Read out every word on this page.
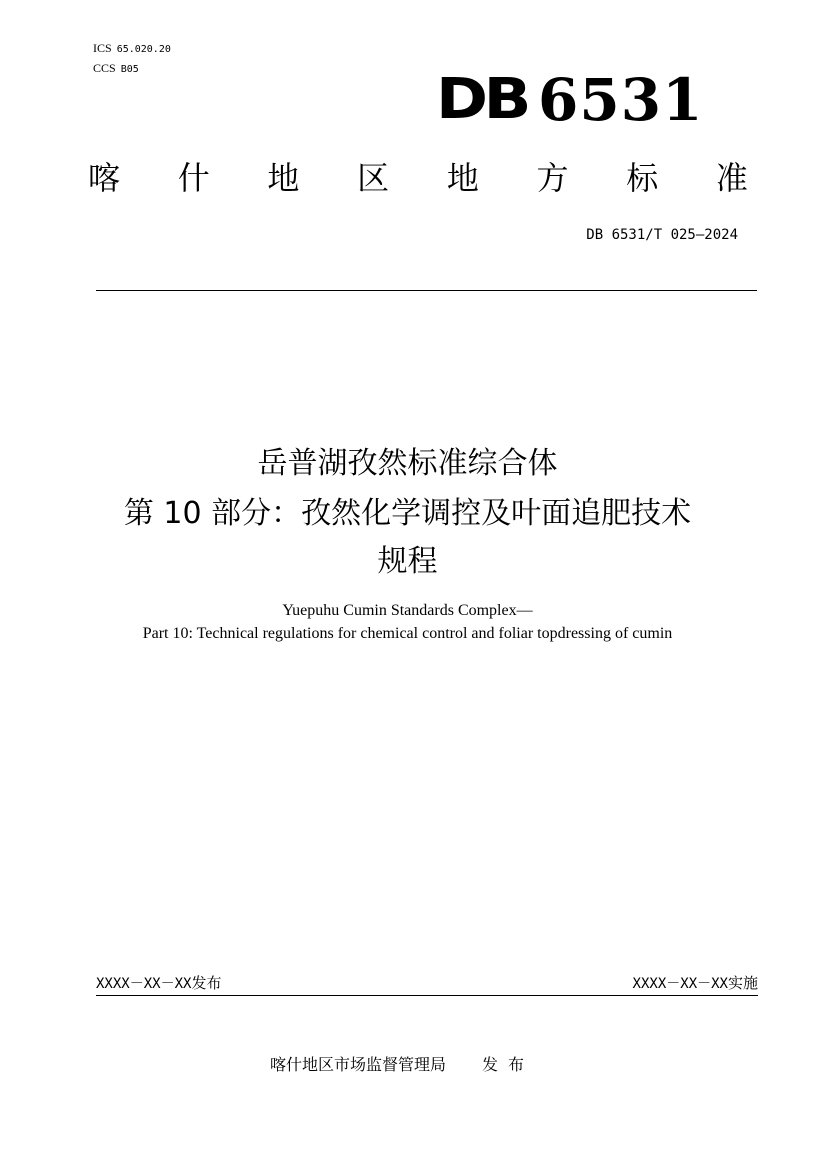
ICS 65.020.20
CCS B05	DB 6531
喀 什 地 区 地 方 标 准
DB 6531/T 025—2024
岳普湖孜然标准综合体
第 10 部分：孜然化学调控及叶面追肥技术
规程
Yuepuhu Cumin Standards Complex—
Part 10: Technical regulations for chemical control and foliar topdressing of cumin
XXXX－XX－XX发布	XXXX－XX－XX实施
喀什地区市场监督管理局 发布
